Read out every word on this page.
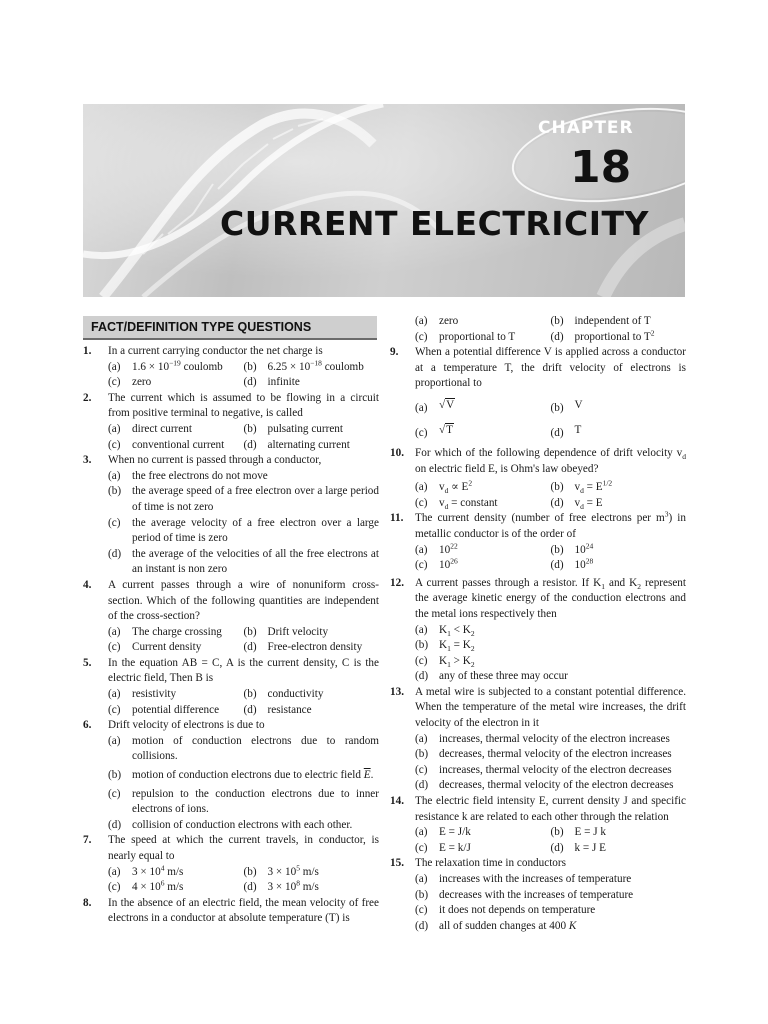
CHAPTER
18
CURRENT ELECTRICITY
FACT/DEFINITION TYPE QUESTIONS
1.	In a current carrying conductor the net charge is
(a)	$1.6 \times 10^{-19}$ coulomb	(b) $6.25 \times 10^{-18}$ coulomb
(c)	zero	(d) infinite
2.	The current which is assumed to be flowing in a circuit from positive terminal to negative, is called
(a)	direct current	(b) pulsating current
(c)	conventional current	(d) alternating current
3.	When no current is passed through a conductor,
(a)	the free electrons do not move
(b) the average speed of a free electron over a large period of time is not zero
(c)	the average velocity of a free electron over a large period of time is zero
(d) the average of the velocities of all the free electrons at an instant is non zero
4.	A current passes through a wire of nonuniform cross-section. Which of the following quantities are independent of the cross-section?
(a)	The charge crossing	(b) Drift velocity
(c)	Current density	(d) Free-electron density
5.	In the equation AB = C, A is the current density, C is the electric field, Then B is
(a)	resistivity	(b) conductivity
(c)	potential difference	(d) resistance
6.	Drift velocity of electrons is due to
(a)	motion of conduction electrons due to random collisions.
(b) motion of conduction electrons due to electric field $\overline{E}$.
(c)	repulsion to the conduction electrons due to inner electrons of ions.
(d) collision of conduction electrons with each other.
7.	The speed at which the current travels, in conductor, is nearly equal to
(a)	$3 \times 10^4$ m/s	(b) $3 \times 10^5$ m/s
(c)	$4 \times 10^6$ m/s	(d) $3 \times 10^8$ m/s
8.	In the absence of an electric field, the mean velocity of free electrons in a conductor at absolute temperature (T) is
(a)	zero	(b) independent of T
(c)	proportional to T	(d) proportional to $T^2$
9.	When a potential difference V is applied across a conductor at a temperature T, the drift velocity of electrons is proportional to
(a)	√V	(b) V
(c)	√T	(d) T
10. For which of the following dependence of drift velocity $v_d$ on electric field E, is Ohm's law obeyed?
(a)	$v_d \propto E^2$	(b) $v_d = E^{1/2}$
(c)	$v_d$ = constant	(d) $v_d = E$
11.	The current density (number of free electrons per $m^3$) in metallic conductor is of the order of
(a)	$10^{22}$	(b) $10^{24}$
(c)	$10^{26}$	(d) $10^{28}$
12. A current passes through a resistor. If $K_1$ and $K_2$ represent the average kinetic energy of the conduction electrons and the metal ions respectively then
(a)	$K_1 < K_2$
(b) $K_1 = K_2$
(c)	$K_1 > K_2$
(d) any of these three may occur
13. A metal wire is subjected to a constant potential difference. When the temperature of the metal wire increases, the drift velocity of the electron in it
(a)	increases, thermal velocity of the electron increases
(b) decreases, thermal velocity of the electron increases
(c)	increases, thermal velocity of the electron decreases
(d) decreases, thermal velocity of the electron decreases
14. The electric field intensity E, current density J and specific resistance k are related to each other through the relation
(a)	E = J/k	(b) E = J k
(c)	E = k/J	(d) k = J E
15. The relaxation time in conductors
(a)	increases with the increases of temperature
(b) decreases with the increases of temperature
(c)	it does not depends on temperature
(d) all of sudden changes at 400 K
